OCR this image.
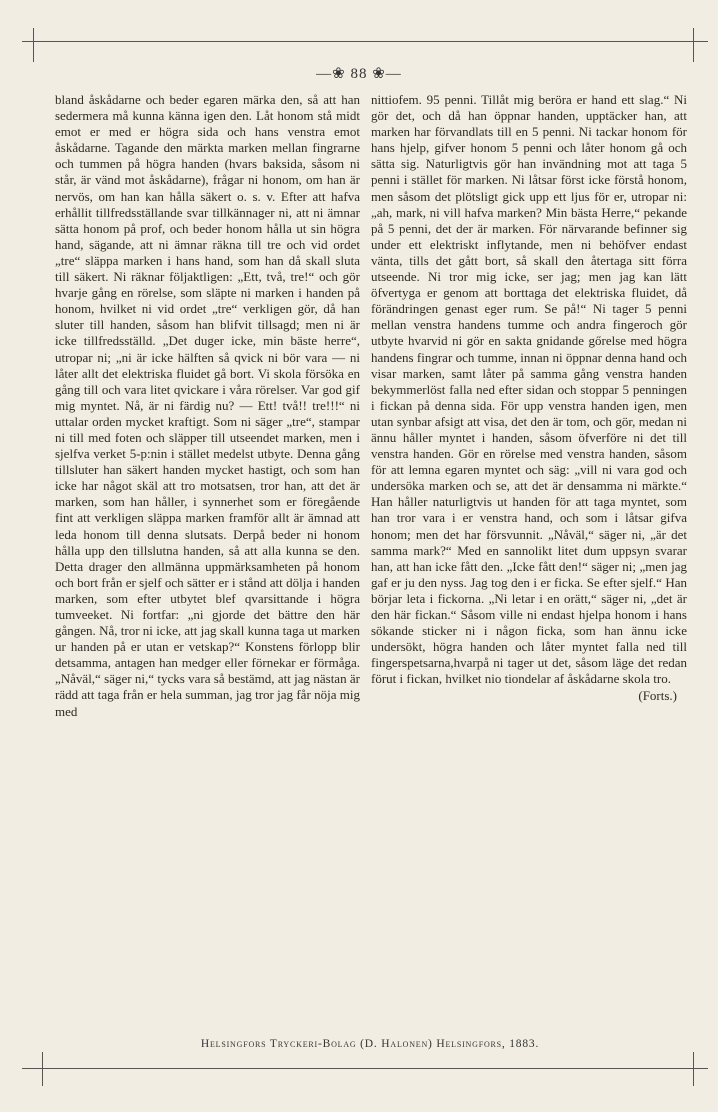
—❀ 88 ❀—

bland åskådarne och beder egaren märka den, så att han sedermera må kunna känna igen den. Låt honom stå midt emot er med er högra sida och hans venstra emot åskådarne. Tagande den märkta marken mellan fingrarne och tummen på högra handen (hvars baksida, såsom ni står, är vänd mot åskådarne), frågar ni honom, om han är nervös, om han kan hålla säkert o. s. v. Efter att hafva erhållit tillfredsställande svar tillkännager ni, att ni ämnar sätta honom på prof, och beder honom hålla ut sin högra hand, sägande, att ni ämnar räkna till tre och vid ordet „tre“ släppa marken i hans hand, som han då skall sluta till säkert. Ni räknar följaktligen: „Ett, två, tre!“ och gör hvarje gång en rörelse, som släpte ni marken i handen på honom, hvilket ni vid ordet „tre“ verkligen gör, då han sluter till handen, såsom han blifvit tillsagd; men ni är icke tillfredsställd. „Det duger icke, min bäste herre“, utropar ni; „ni är icke hälften så qvick ni bör vara — ni låter allt det elektriska fluidet gå bort. Vi skola försöka en gång till och vara litet qvickare i våra rörelser. Var god gif mig myntet. Nå, är ni färdig nu? — Ett! två!! tre!!!“ ni uttalar orden mycket kraftigt. Som ni säger „tre“, stampar ni till med foten och släpper till utseendet marken, men i sjelfva verket 5-p:nin i stället medelst utbyte. Denna gång tillsluter han säkert handen mycket hastigt, och som han icke har något skäl att tro motsatsen, tror han, att det är marken, som han håller, i synnerhet som er föregående fint att verkligen släppa marken framför allt är ämnad att leda honom till denna slutsats. Derpå beder ni honom hålla upp den tillslutna handen, så att alla kunna se den. Detta drager den allmänna uppmärksamheten på honom och bort från er sjelf och sätter er i stånd att dölja i handen marken, som efter utbytet blef qvarsittande i högra tumveeket. Ni fortfar: „ni gjorde det bättre den här gången. Nå, tror ni icke, att jag skall kunna taga ut marken ur handen på er utan er vetskap?“ Konstens förlopp blir detsamma, antagen han medger eller förnekar er förmåga. „Nåväl,“ säger ni,“ tycks vara så bestämd, att jag nästan är rädd att taga från er hela summan, jag tror jag får nöja mig med

nittiofem. 95 penni. Tillåt mig beröra er hand ett slag.“ Ni gör det, och då han öppnar handen, upptäcker han, att marken har förvandlats till en 5 penni. Ni tackar honom för hans hjelp, gifver honom 5 penni och låter honom gå och sätta sig. Naturligtvis gör han invändning mot att taga 5 penni i stället för marken. Ni låtsar först icke förstå honom, men såsom det plötsligt gick upp ett ljus för er, utropar ni: „ah, mark, ni vill hafva marken? Min bästa Herre,“ pekande på 5 penni, det der är marken. För närvarande befinner sig under ett elektriskt inflytande, men ni behöfver endast vänta, tills det gått bort, så skall den återtaga sitt förra utseende. Ni tror mig icke, ser jag; men jag kan lätt öfvertyga er genom att borttaga det elektriska fluidet, då förändringen genast eger rum. Se på!“ Ni tager 5 penni mellan venstra handens tumme och andra fingeroch gör utbyte hvarvid ni gör en sakta gnidande gőrelse med högra handens fingrar och tumme, innan ni öppnar denna hand och visar marken, samt låter på samma gång venstra handen bekymmerlöst falla ned efter sidan och stoppar 5 penningen i fickan på denna sida. För upp venstra handen igen, men utan synbar afsigt att visa, det den är tom, och gör, medan ni ännu håller myntet i handen, såsom öfverföre ni det till venstra handen. Gör en rörelse med venstra handen, såsom för att lemna egaren myntet och säg: „vill ni vara god och undersöka marken och se, att det är densamma ni märkte.“ Han håller naturligtvis ut handen för att taga myntet, som han tror vara i er venstra hand, och som i låtsar gifva honom; men det har försvunnit. „Nåväl,“ säger ni, „är det samma mark?“ Med en sannolikt litet dum uppsyn svarar han, att han icke fått den. „Icke fått den!“ säger ni; „men jag gaf er ju den nyss. Jag tog den i er ficka. Se efter sjelf.“ Han börjar leta i fickorna. „Ni letar i en orätt,“ säger ni, „det är den här fickan.“ Såsom ville ni endast hjelpa honom i hans sökande sticker ni i någon ficka, som han ännu icke undersökt, högra handen och låter myntet falla ned till fingerspetsarna,hvarpå ni tager ut det, såsom läge det redan förut i fickan, hvilket nio tiondelar af åskådarne skola tro.

(Forts.)

Helsingfors Tryckeri-Bolag (D. Halonen) Helsingfors, 1883.
